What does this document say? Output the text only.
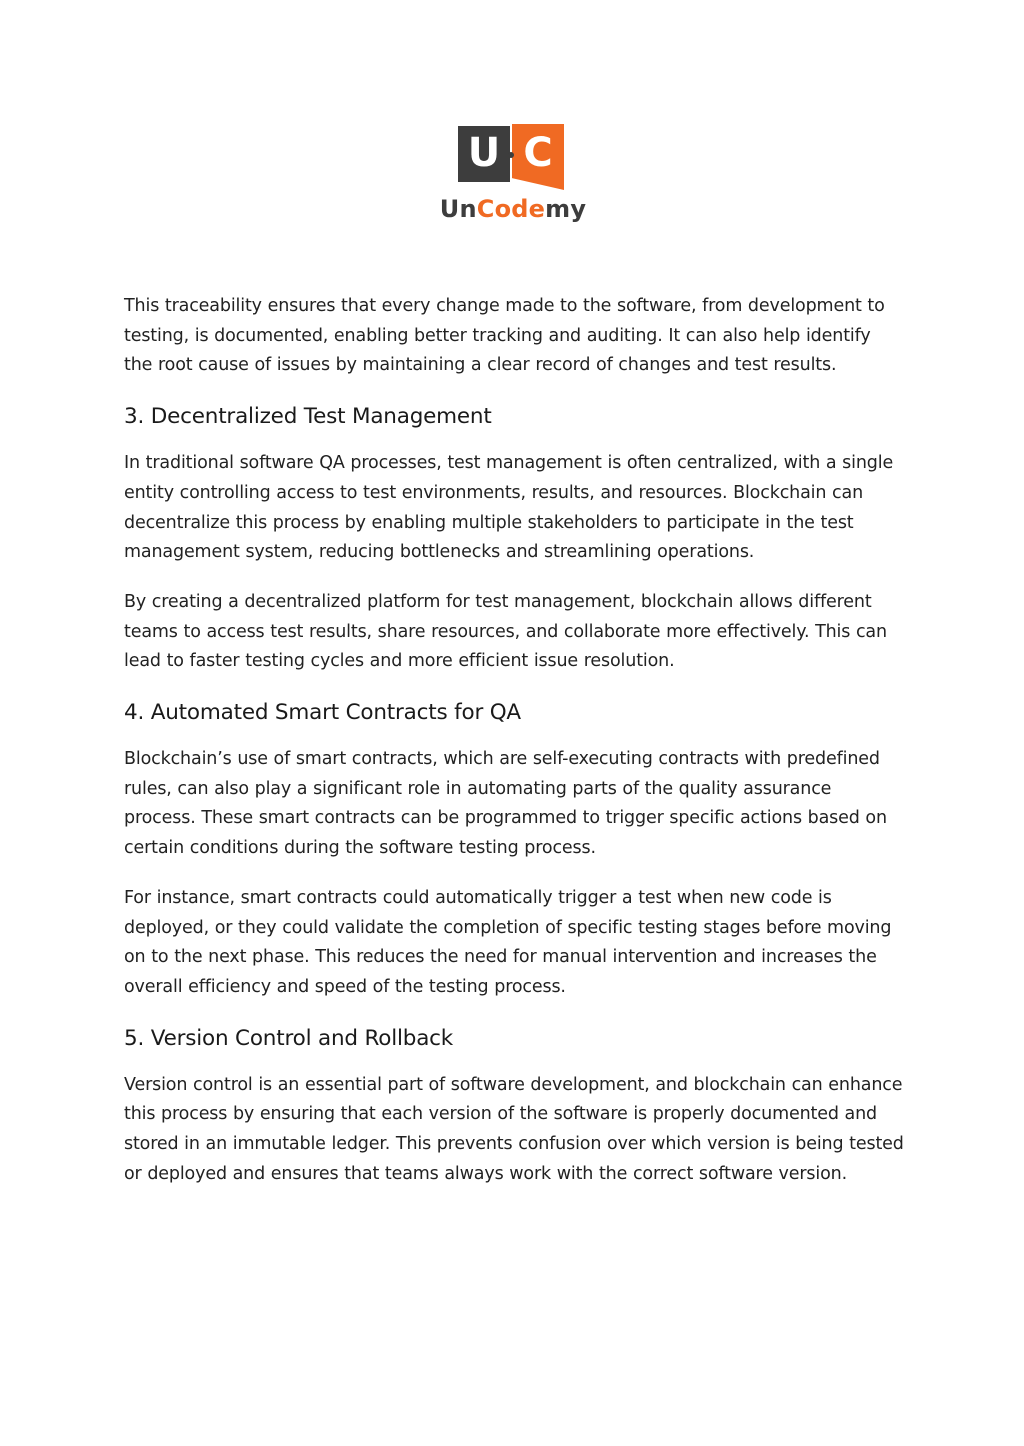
U C
UnCodemy

This traceability ensures that every change made to the software, from development to testing, is documented, enabling better tracking and auditing. It can also help identify the root cause of issues by maintaining a clear record of changes and test results.

3. Decentralized Test Management

In traditional software QA processes, test management is often centralized, with a single entity controlling access to test environments, results, and resources. Blockchain can decentralize this process by enabling multiple stakeholders to participate in the test management system, reducing bottlenecks and streamlining operations.

By creating a decentralized platform for test management, blockchain allows different teams to access test results, share resources, and collaborate more effectively. This can lead to faster testing cycles and more efficient issue resolution.

4. Automated Smart Contracts for QA

Blockchain’s use of smart contracts, which are self-executing contracts with predefined rules, can also play a significant role in automating parts of the quality assurance process. These smart contracts can be programmed to trigger specific actions based on certain conditions during the software testing process.

For instance, smart contracts could automatically trigger a test when new code is deployed, or they could validate the completion of specific testing stages before moving on to the next phase. This reduces the need for manual intervention and increases the overall efficiency and speed of the testing process.

5. Version Control and Rollback

Version control is an essential part of software development, and blockchain can enhance this process by ensuring that each version of the software is properly documented and stored in an immutable ledger. This prevents confusion over which version is being tested or deployed and ensures that teams always work with the correct software version.
